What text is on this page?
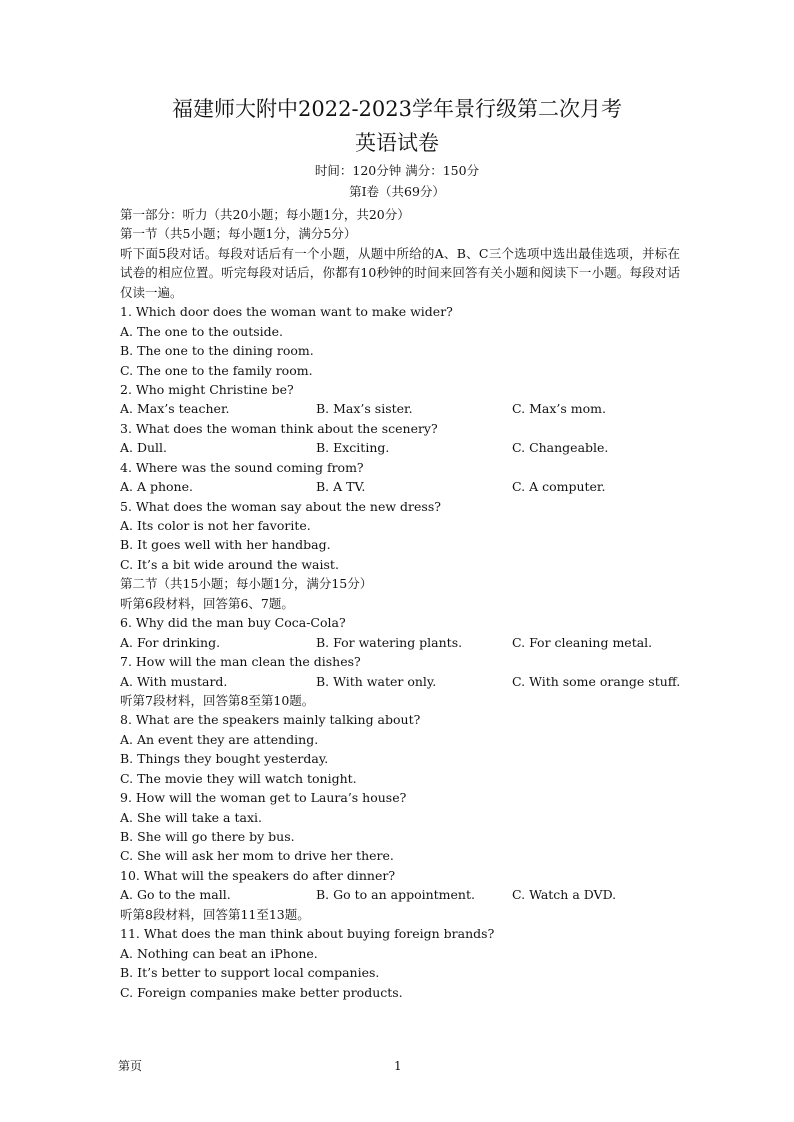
福建师大附中2022-2023学年景行级第二次月考
英语试卷
时间：120分钟 满分：150分
第Ⅰ卷（共69分）
第一部分：听力（共20小题；每小题1分，共20分）
第一节（共5小题；每小题1分，满分5分）
听下面5段对话。每段对话后有一个小题，从题中所给的A、B、C三个选项中选出最佳选项，并标在试卷的相应位置。听完每段对话后，你都有10秒钟的时间来回答有关小题和阅读下一小题。每段对话仅读一遍。
1. Which door does the woman want to make wider?
A. The one to the outside.
B. The one to the dining room.
C. The one to the family room.
2. Who might Christine be?
A. Max’s teacher.	B. Max’s sister.	C. Max’s mom.
3. What does the woman think about the scenery?
A. Dull.	B. Exciting.	C. Changeable.
4. Where was the sound coming from?
A. A phone.	B. A TV.	C. A computer.
5. What does the woman say about the new dress?
A. Its color is not her favorite.
B. It goes well with her handbag.
C. It’s a bit wide around the waist.
第二节（共15小题；每小题1分，满分15分）
听第6段材料，回答第6、7题。
6. Why did the man buy Coca-Cola?
A. For drinking.	B. For watering plants.	C. For cleaning metal.
7. How will the man clean the dishes?
A. With mustard.	B. With water only.	C. With some orange stuff.
听第7段材料，回答第8至第10题。
8. What are the speakers mainly talking about?
A. An event they are attending.
B. Things they bought yesterday.
C. The movie they will watch tonight.
9. How will the woman get to Laura’s house?
A. She will take a taxi.
B. She will go there by bus.
C. She will ask her mom to drive her there.
10. What will the speakers do after dinner?
A. Go to the mall.	B. Go to an appointment.	C. Watch a DVD.
听第8段材料，回答第11至13题。
11. What does the man think about buying foreign brands?
A. Nothing can beat an iPhone.
B. It’s better to support local companies.
C. Foreign companies make better products.
第页	1
